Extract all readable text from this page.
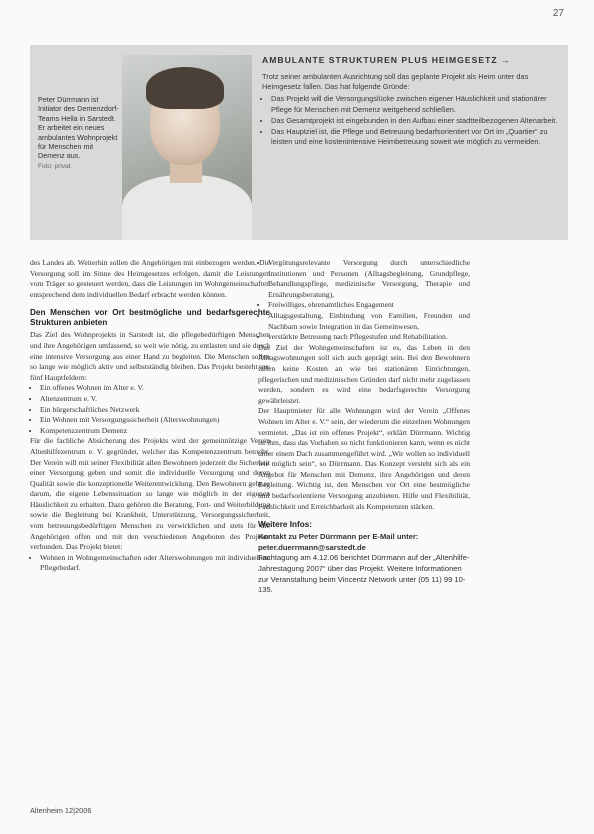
27
Peter Dürrmann ist Initiator des Demenzdorf-Teams Hella in Sarstedt. Er arbeitet ein neues ambulantes Wohnprojekt für Menschen mit Demenz aus.
Foto: privat
AMBULANTE STRUKTUREN PLUS HEIMGESETZ →
Trotz seiner ambulanten Ausrichtung soll das geplante Projekt als Heim unter das Heimgesetz fallen. Das hat folgende Gründe:
• Das Projekt will die Versorgungslücke zwischen eigener Häuslichkeit und stationärer Pflege für Menschen mit Demenz weitgehend schließen.
• Das Gesamtprojekt ist eingebunden in den Aufbau einer stadtteilbezogenen Altenarbeit.
• Das Hauptziel ist, die Pflege und Betreuung bedarfsorientiert vor Ort im „Quartier“ zu leisten und eine kostenintensive Heimbetreuung soweit wie möglich zu vermeiden.

des Landes ab. Weiterhin sollen die Angehörigen mit einbezogen werden. Die Versorgung soll im Sinne des Heimgesetzes erfolgen, damit die Leistungen vom Träger so gesteuert werden, dass die Leistungen im Wohngemeinschaften entsprechend dem individuellen Bedarf erbracht werden können.

Den Menschen vor Ort bestmögliche und bedarfsgerechte Strukturen anbieten

Das Ziel des Wohnprojekts in Sarstedt ist, die pflegebedürftigen Menschen und ihre Angehörigen umfassend, so weit wie nötig, zu entlasten und sie durch eine intensive Versorgung aus einer Hand zu begleiten. Die Menschen sollen so lange wie möglich aktiv und selbstständig bleiben. Das Projekt besteht aus fünf Hauptfeldern:

• Ein offenes Wohnen im Alter e. V.
• Altenzentrum e. V.
• Ein bürgerschaftliches Netzwerk
• Ein Wohnen mit Versorgungssicherheit (Alterswohnungen)
• Kompetenzzentrum Demenz

Für die fachliche Absicherung des Projekts wird der gemeinnützige Verein Altenhilfezentrum e. V. gegründet, welcher das Kompetenzzentrum betreibt. Der Verein will mit seiner Flexibilität allen Bewohnern jederzeit die Sicherheit einer Versorgung geben und somit die individuelle Versorgung und deren Qualität sowie die konzeptionelle Weiterentwicklung. Den Bewohnern geht es darum, die eigene Lebenssituation so lange wie möglich in der eigenen Häuslichkeit zu erhalten. Dazu gehören die Beratung, Fort- und Weiterbildung sowie die Begleitung bei Krankheit, Unterstützung, Versorgungssicherheit, vom betreuungsbedürftigen Menschen zu verwirklichen und stets für die Angehörigen offen und mit den verschiedenen Angeboten des Projekts verbunden. Das Projekt bietet:

• Wohnen in Wohngemeinschaften oder Alterswohnungen mit individuellem Pflegebedarf.
• Vergütungsrelevante Versorgung durch unterschiedliche Institutionen und Personen (Alltagsbegleitung, Grundpflege, Behandlungspflege, medizinische Versorgung, Therapie und Ernährungsberatung),
• Freiwilliges, ehrenamtliches Engagement
• Alltagsgestaltung, Einbindung von Familien, Freunden und Nachbarn sowie Integration in das Gemeinwesen,
• verstärkte Betreuung nach Pflegestufen und Rehabilitation.

Das Ziel der Wohngemeinschaften ist es, das Leben in den Alltagswohnungen soll sich auch geprägt sein. Bei den Bewohnern fallen keine Kosten an wie bei stationären Einrichtungen, pflegerischen und medizinischen Gründen darf nicht mehr zugelassen werden, sondern es wird eine bedarfsgerechte Versorgung gewährleistet.

Der Hauptmieter für alle Wohnungen wird der Verein „Offenes Wohnen im Alter e. V.“ sein, der wiederum die einzelnen Wohnungen vermietet. „Das ist ein offenes Projekt“, erklärt Dürrmann. Wichtig ist ihm, dass das Vorhaben so nicht funktionieren kann, wenn es nicht unter einem Dach zusammengeführt wird. „Wir wollen so individuell wie möglich sein“, so Dürrmann. Das Konzept versteht sich als ein Angebot für Menschen mit Demenz, ihre Angehörigen und deren Begleitung. Wichtig ist, den Menschen vor Ort eine bestmögliche und bedarfsorientierte Versorgung anzubieten. Hilfe und Flexibilität, Fachlichkeit und Erreichbarkeit als Kompetenzen stärken.

Weitere Infos:

Kontakt zu Peter Dürrmann per E-Mail unter: peter.duerrmann@sarstedt.de

Fachtagung am 4.12.06 berichtet Dürrmann auf der „Altenhilfe-Jahrestagung 2007“ über das Projekt. Weitere Informationen zur Veranstaltung beim Vincentz Network unter (05 11) 99 10-135.

Altenheim 12|2006
